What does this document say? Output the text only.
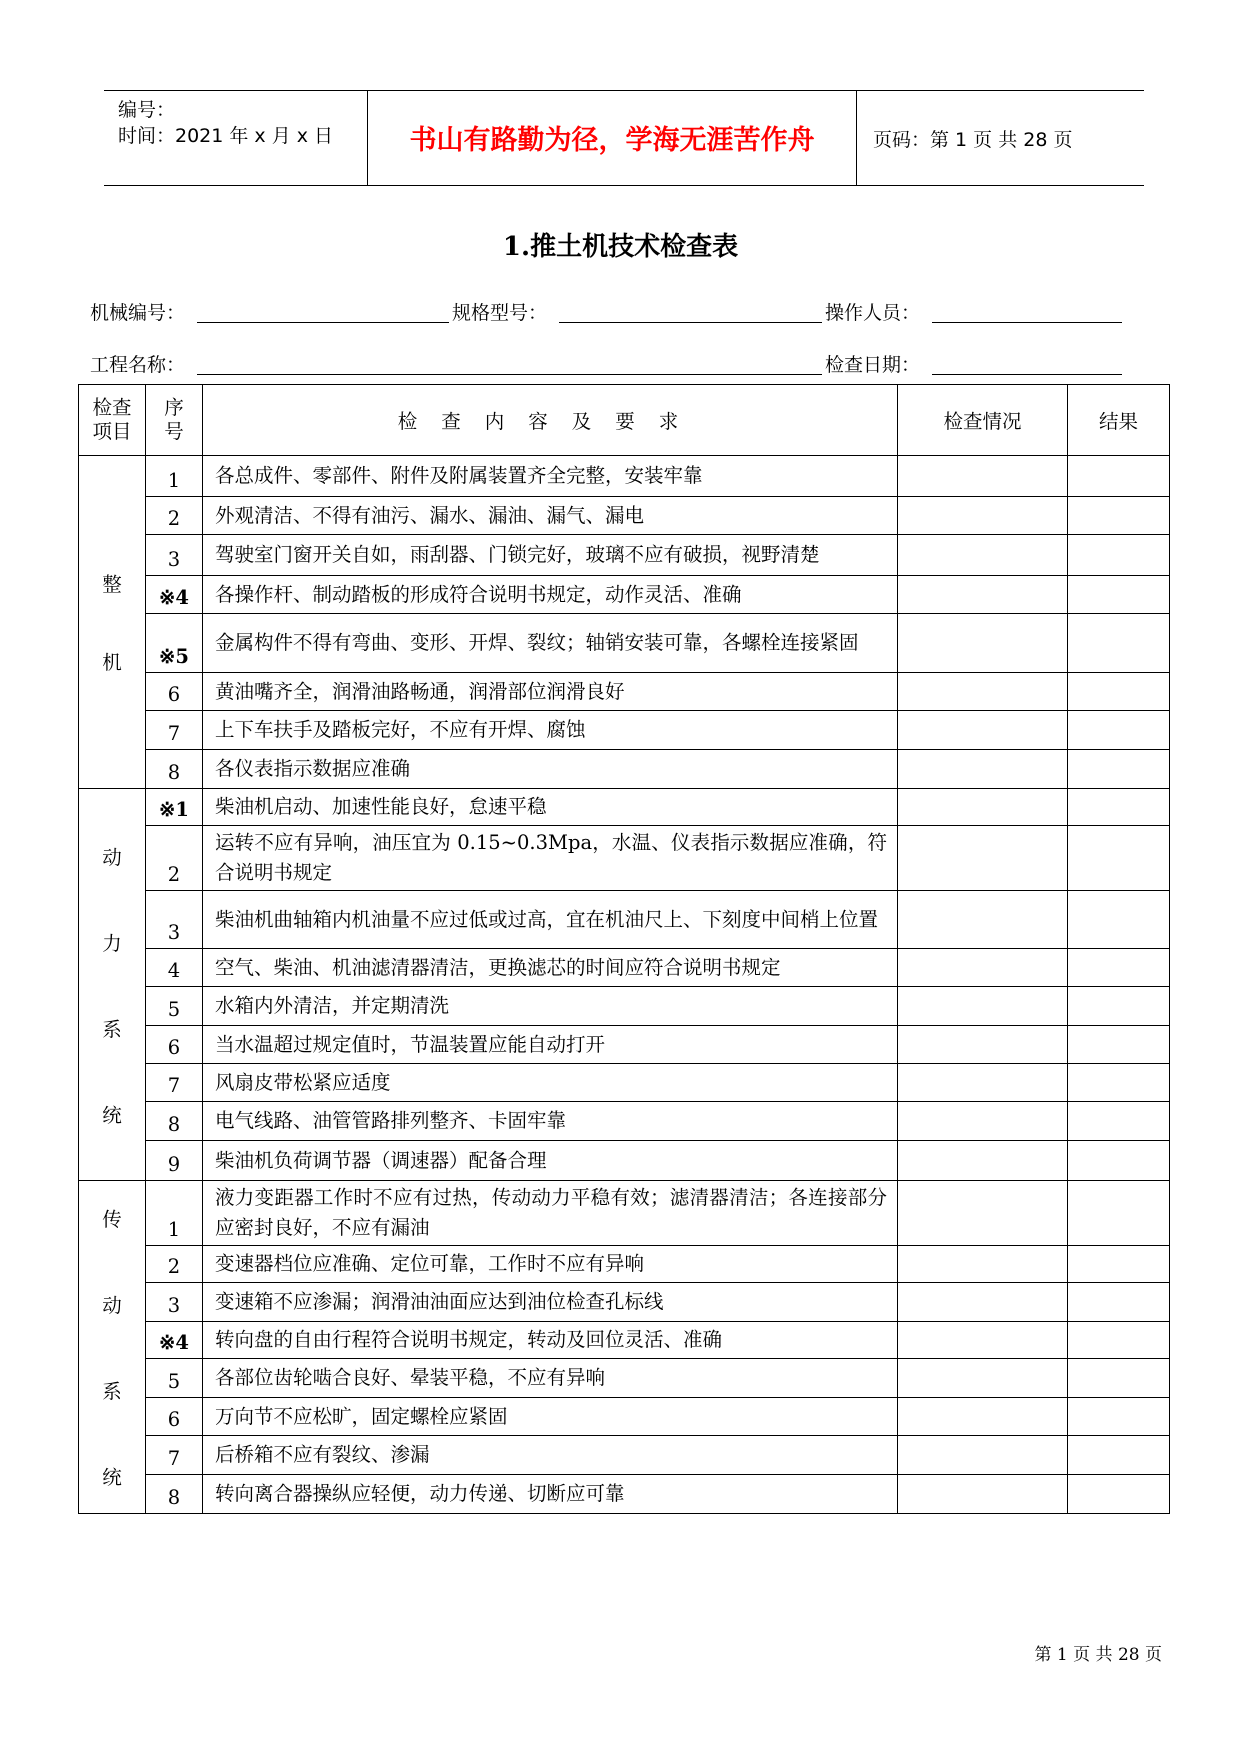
编号：
时间：2021 年 x 月 x 日	书山有路勤为径，学海无涯苦作舟	页码：第 1 页 共 28 页
1.推土机技术检查表
机械编号：	规格型号：	操作人员：
工程名称：	检查日期：
检查
项目	序
号	检查内容及要求	检查情况	结果

整
机	1	各总成件、零部件、附件及附属装置齐全完整，安装牢靠		
	2	外观清洁、不得有油污、漏水、漏油、漏气、漏电		
	3	驾驶室门窗开关自如，雨刮器、门锁完好，玻璃不应有破损，视野清楚		
	※4	各操作杆、制动踏板的形成符合说明书规定，动作灵活、准确		
	※5	金属构件不得有弯曲、变形、开焊、裂纹；轴销安装可靠，各螺栓连接紧固		
	6	黄油嘴齐全，润滑油路畅通，润滑部位润滑良好		
	7	上下车扶手及踏板完好，不应有开焊、腐蚀		
	8	各仪表指示数据应准确		

动
力
系
统	※1	柴油机启动、加速性能良好，怠速平稳		
	2	运转不应有异响，油压宜为 0.15~0.3Mpa，水温、仪表指示数据应准确，符合说明书规定		
	3	柴油机曲轴箱内机油量不应过低或过高，宜在机油尺上、下刻度中间梢上位置		
	4	空气、柴油、机油滤清器清洁，更换滤芯的时间应符合说明书规定		
	5	水箱内外清洁，并定期清洗		
	6	当水温超过规定值时，节温装置应能自动打开		
	7	风扇皮带松紧应适度		
	8	电气线路、油管管路排列整齐、卡固牢靠		
	9	柴油机负荷调节器（调速器）配备合理		

传
动
系
统	1	液力变距器工作时不应有过热，传动动力平稳有效；滤清器清洁；各连接部分应密封良好，不应有漏油		
	2	变速器档位应准确、定位可靠，工作时不应有异响		
	3	变速箱不应渗漏；润滑油油面应达到油位检查孔标线		
	※4	转向盘的自由行程符合说明书规定，转动及回位灵活、准确		
	5	各部位齿轮啮合良好、晕装平稳，不应有异响		
	6	万向节不应松旷，固定螺栓应紧固		
	7	后桥箱不应有裂纹、渗漏		
	8	转向离合器操纵应轻便，动力传递、切断应可靠		
第 1 页 共 28 页
